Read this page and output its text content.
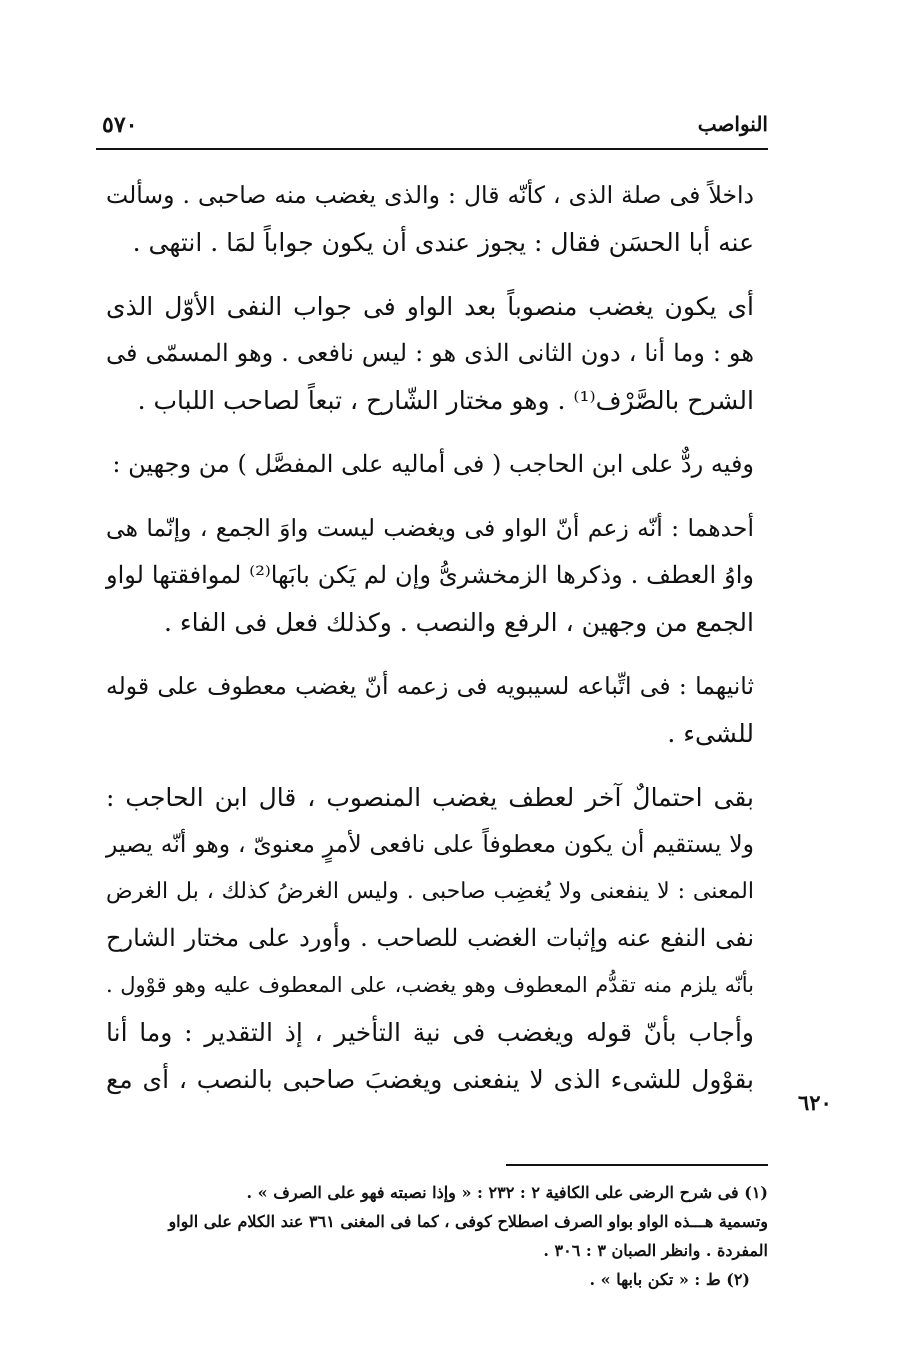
النواصب
٥٧٠

داخلاً فى صلة الذى ، كأنّه قال : والذى يغضب منه صاحبى . وسألت
عنه أبا الحسَن فقال : يجوز عندى أن يكون جواباً لمَا . انتهى .

أى يكون يغضب منصوباً بعد الواو فى جواب النفى الأوّل الذى
هو : وما أنا ، دون الثانى الذى هو : ليس نافعى . وهو المسمّى فى
الشرح بالصَّرْف⁽¹⁾ . وهو مختار الشّارح ، تبعاً لصاحب اللباب .

وفيه ردٌّ على ابن الحاجب ( فى أماليه على المفصَّل ) من وجهين :

أحدهما : أنّه زعم أنّ الواو فى ويغضب ليست واوَ الجمع ، وإنّما هى
واوُ العطف . وذكرها الزمخشرىُّ وإن لم يَكن بابَها⁽²⁾ لموافقتها لواو
الجمع من وجهين ، الرفع والنصب . وكذلك فعل فى الفاء .

ثانيهما : فى اتِّباعه لسيبويه فى زعمه أنّ يغضب معطوف على قوله
للشىء .

بقى احتمالٌ آخر لعطف يغضب المنصوب ، قال ابن الحاجب :
ولا يستقيم أن يكون معطوفاً على نافعى لأمرٍ معنوىّ ، وهو أنّه يصير
المعنى : لا ينفعنى ولا يُغضِب صاحبى . وليس الغرضُ كذلك ، بل الغرض
نفى النفع عنه وإثبات الغضب للصاحب . وأورد على مختار الشارح
بأنّه يلزم منه تقدُّم المعطوف وهو يغضب، على المعطوف عليه وهو قوْول .
وأجاب بأنّ قوله ويغضب فى نية التأخير ، إذ التقدير : وما أنا
بقوْول للشىء الذى لا ينفعنى ويغضبَ صاحبى بالنصب ، أى مع

٦٢٠
(١) فى شرح الرضى على الكافية ٢ : ٢٣٢ : « وإذا نصبته فهو على الصرف » .
وتسمية هـــذه الواو بواو الصرف اصطلاح كوفى ، كما فى المغنى ٣٦١ عند الكلام على الواو
المفردة . وانظر الصبان ٣ : ٣٠٦ .
(٢) ط : « تكن بابها » .
